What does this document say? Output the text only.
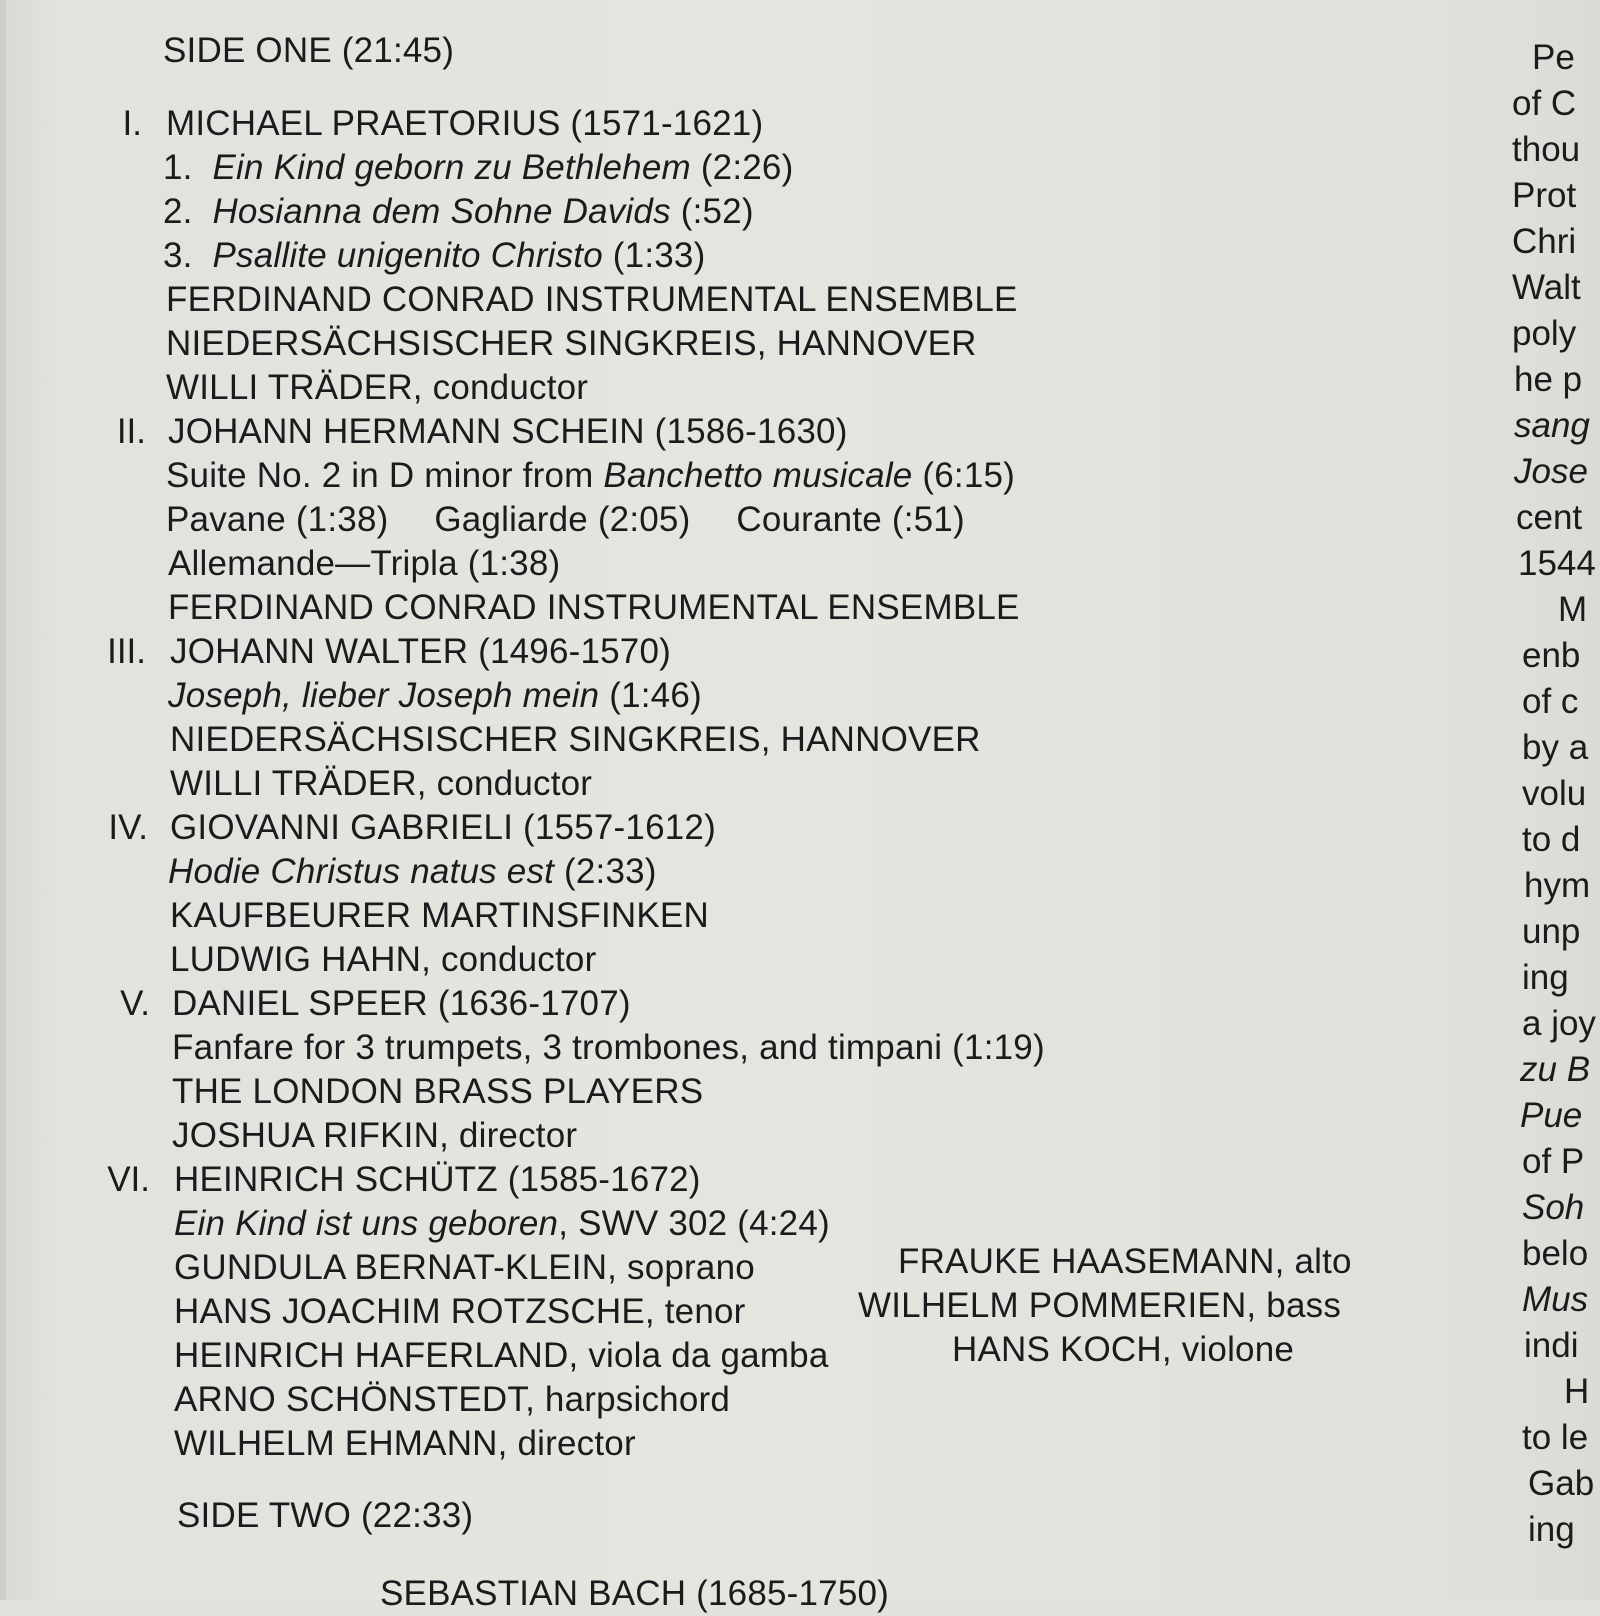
SIDE ONE (21:45)
I. MICHAEL PRAETORIUS (1571-1621)
1. Ein Kind geborn zu Bethlehem (2:26)
2. Hosianna dem Sohne Davids (:52)
3. Psallite unigenito Christo (1:33)
FERDINAND CONRAD INSTRUMENTAL ENSEMBLE
NIEDERSÄCHSISCHER SINGKREIS, HANNOVER
WILLI TRÄDER, conductor
II. JOHANN HERMANN SCHEIN (1586-1630)
Suite No. 2 in D minor from Banchetto musicale (6:15)
Pavane (1:38) Gagliarde (2:05) Courante (:51)
Allemande—Tripla (1:38)
FERDINAND CONRAD INSTRUMENTAL ENSEMBLE
III. JOHANN WALTER (1496-1570)
Joseph, lieber Joseph mein (1:46)
NIEDERSÄCHSISCHER SINGKREIS, HANNOVER
WILLI TRÄDER, conductor
IV. GIOVANNI GABRIELI (1557-1612)
Hodie Christus natus est (2:33)
KAUFBEURER MARTINSFINKEN
LUDWIG HAHN, conductor
V. DANIEL SPEER (1636-1707)
Fanfare for 3 trumpets, 3 trombones, and timpani (1:19)
THE LONDON BRASS PLAYERS
JOSHUA RIFKIN, director
VI. HEINRICH SCHÜTZ (1585-1672)
Ein Kind ist uns geboren, SWV 302 (4:24)
GUNDULA BERNAT-KLEIN, soprano	FRAUKE HAASEMANN, alto
HANS JOACHIM ROTZSCHE, tenor	WILHELM POMMERIEN, bass
HEINRICH HAFERLAND, viola da gamba	HANS KOCH, violone
ARNO SCHÖNSTEDT, harpsichord
WILHELM EHMANN, director
SIDE TWO (22:33)
SEBASTIAN BACH (1685-1750)
Pe
of C
thou
Prot
Chri
Walt
poly
he p
sang
Jose
cent
1544
M
enb
of c
by a
volu
to d
hym
unp
ing
a joy
zu B
Pue
of P
Soh
belo
Mus
indi
H
to le
Gab
ing
